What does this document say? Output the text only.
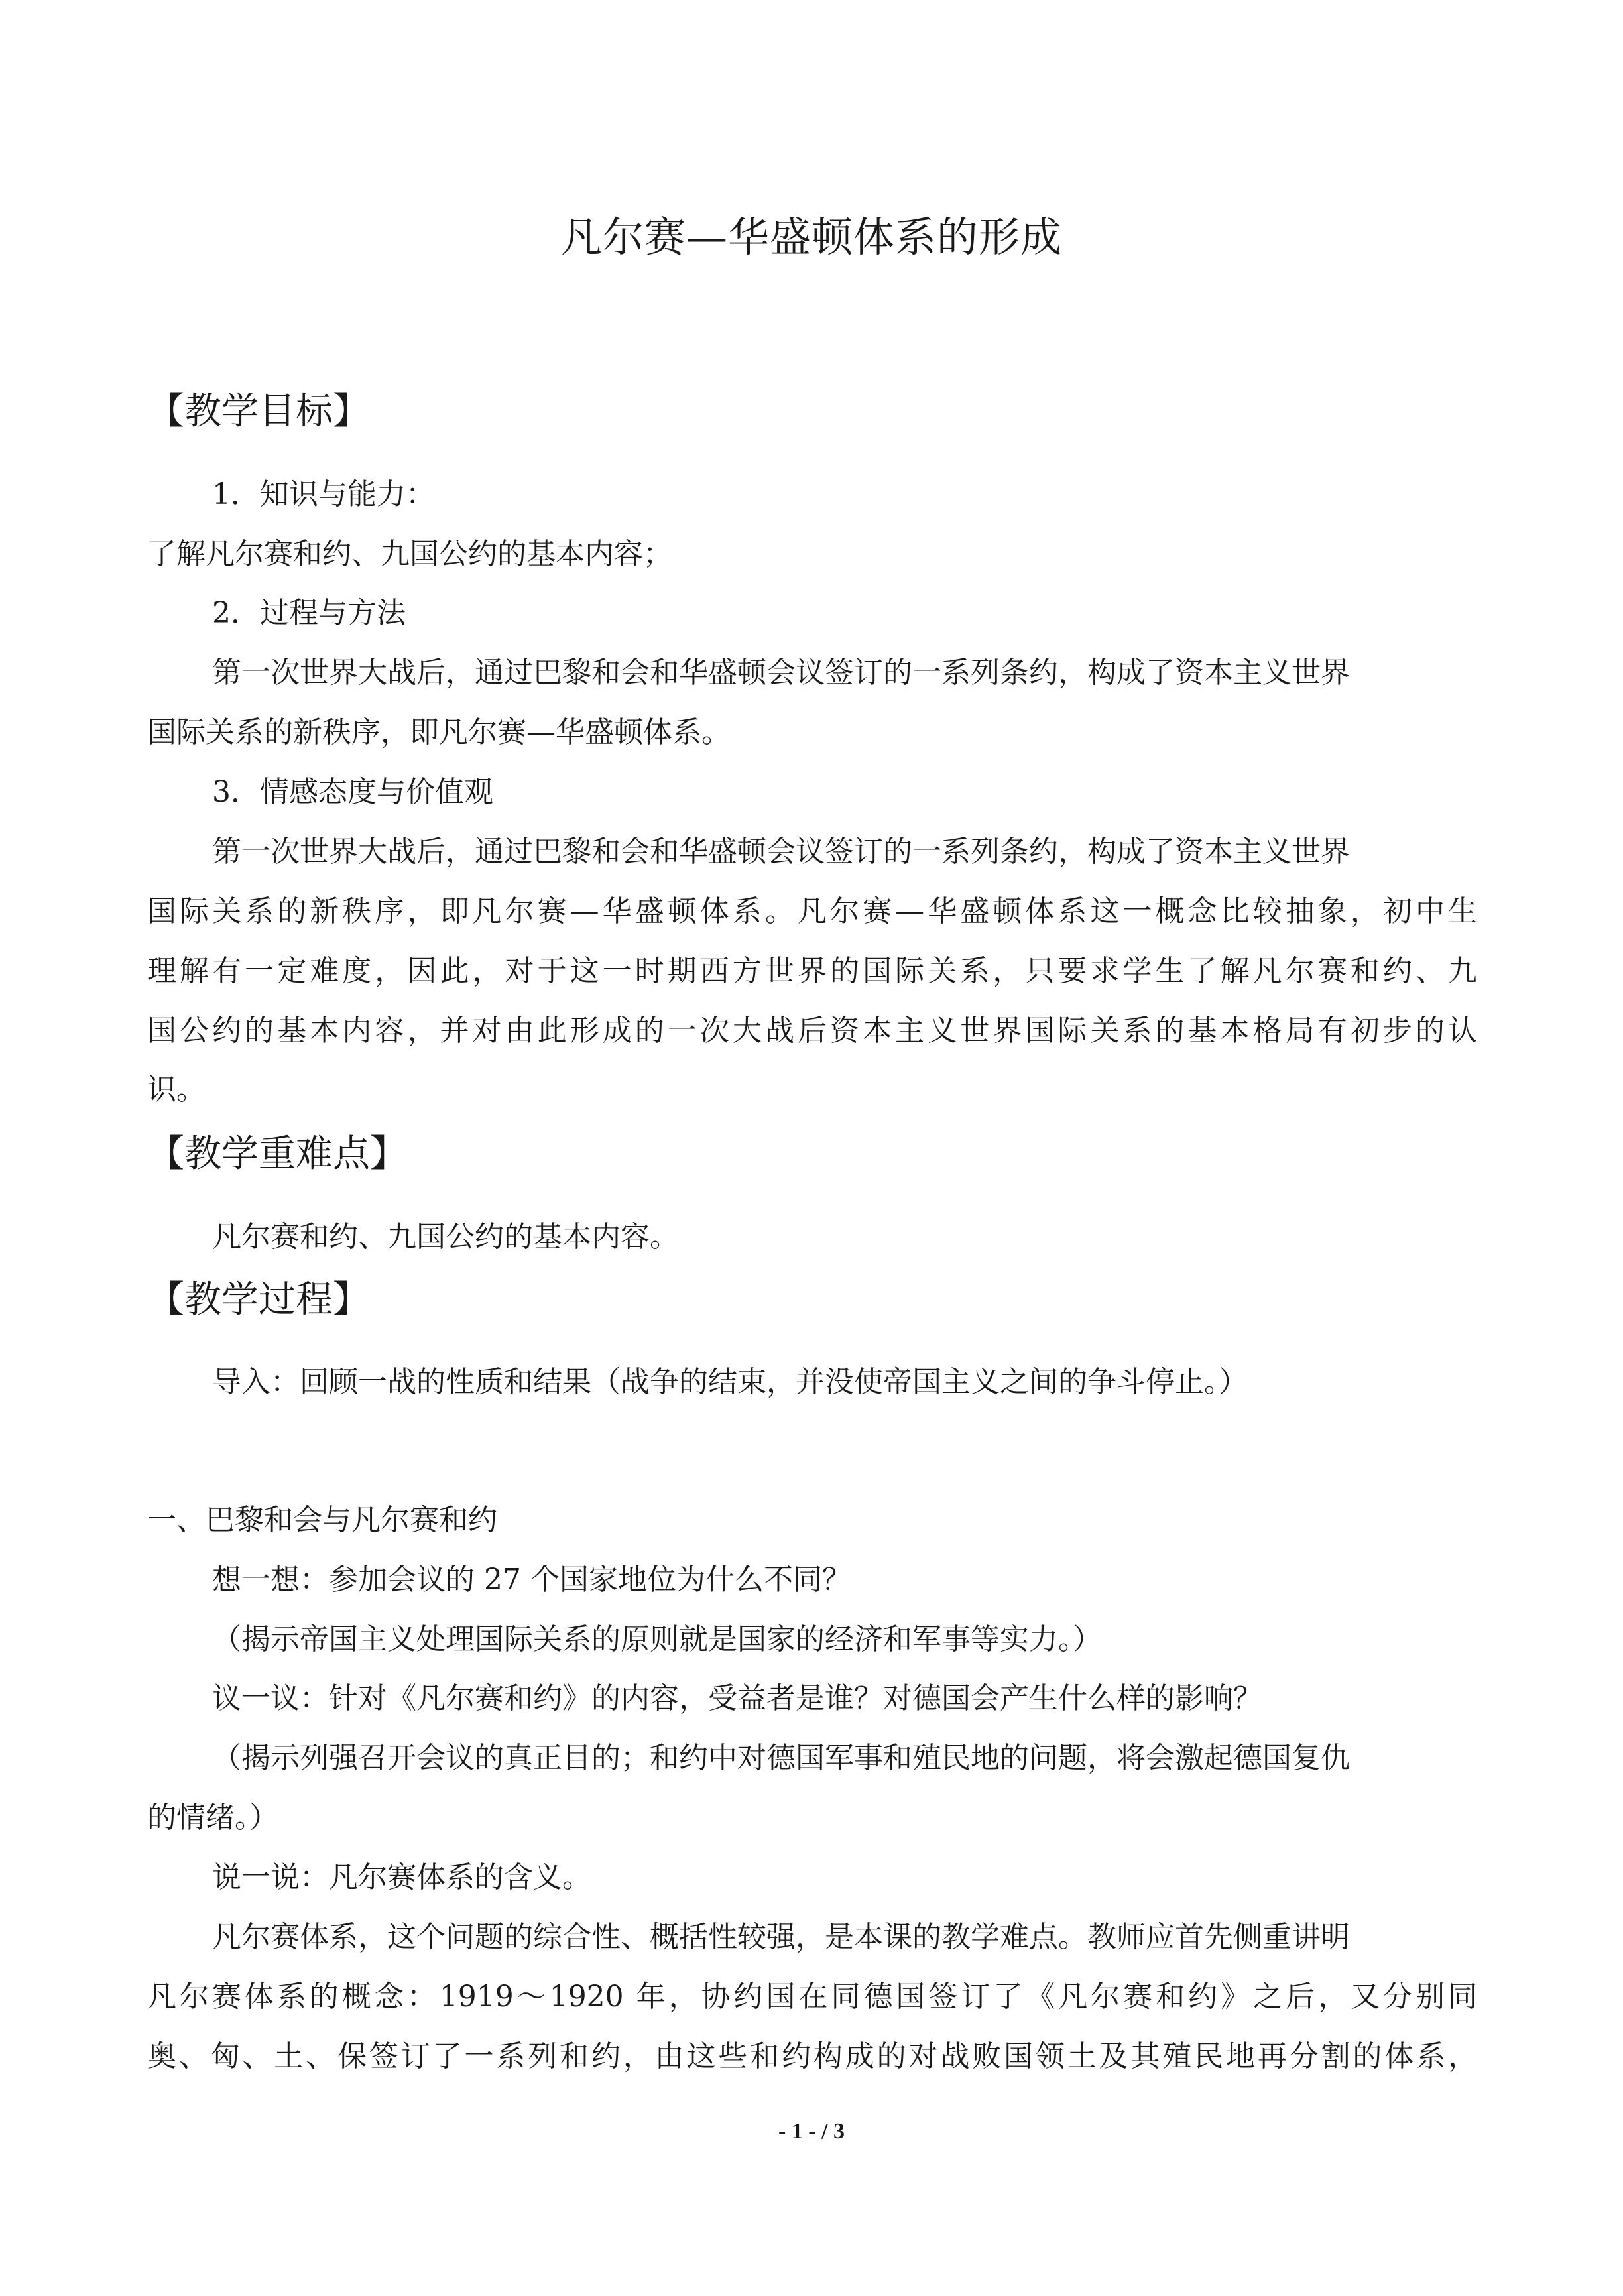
凡尔赛—华盛顿体系的形成
【教学目标】
1．知识与能力：
了解凡尔赛和约、九国公约的基本内容；
2．过程与方法
第一次世界大战后，通过巴黎和会和华盛顿会议签订的一系列条约，构成了资本主义世界
国际关系的新秩序，即凡尔赛—华盛顿体系。
3．情感态度与价值观
第一次世界大战后，通过巴黎和会和华盛顿会议签订的一系列条约，构成了资本主义世界
国际关系的新秩序，即凡尔赛—华盛顿体系。凡尔赛—华盛顿体系这一概念比较抽象，初中生
理解有一定难度，因此，对于这一时期西方世界的国际关系，只要求学生了解凡尔赛和约、九
国公约的基本内容，并对由此形成的一次大战后资本主义世界国际关系的基本格局有初步的认
识。
【教学重难点】
凡尔赛和约、九国公约的基本内容。
【教学过程】
导入：回顾一战的性质和结果（战争的结束，并没使帝国主义之间的争斗停止。）
一、巴黎和会与凡尔赛和约
想一想：参加会议的 27 个国家地位为什么不同？
（揭示帝国主义处理国际关系的原则就是国家的经济和军事等实力。）
议一议：针对《凡尔赛和约》的内容，受益者是谁？对德国会产生什么样的影响？
（揭示列强召开会议的真正目的；和约中对德国军事和殖民地的问题，将会激起德国复仇
的情绪。）
说一说：凡尔赛体系的含义。
凡尔赛体系，这个问题的综合性、概括性较强，是本课的教学难点。教师应首先侧重讲明
凡尔赛体系的概念：1919～1920 年，协约国在同德国签订了《凡尔赛和约》之后，又分别同
奥、匈、土、保签订了一系列和约，由这些和约构成的对战败国领土及其殖民地再分割的体系，
- 1 - / 3
